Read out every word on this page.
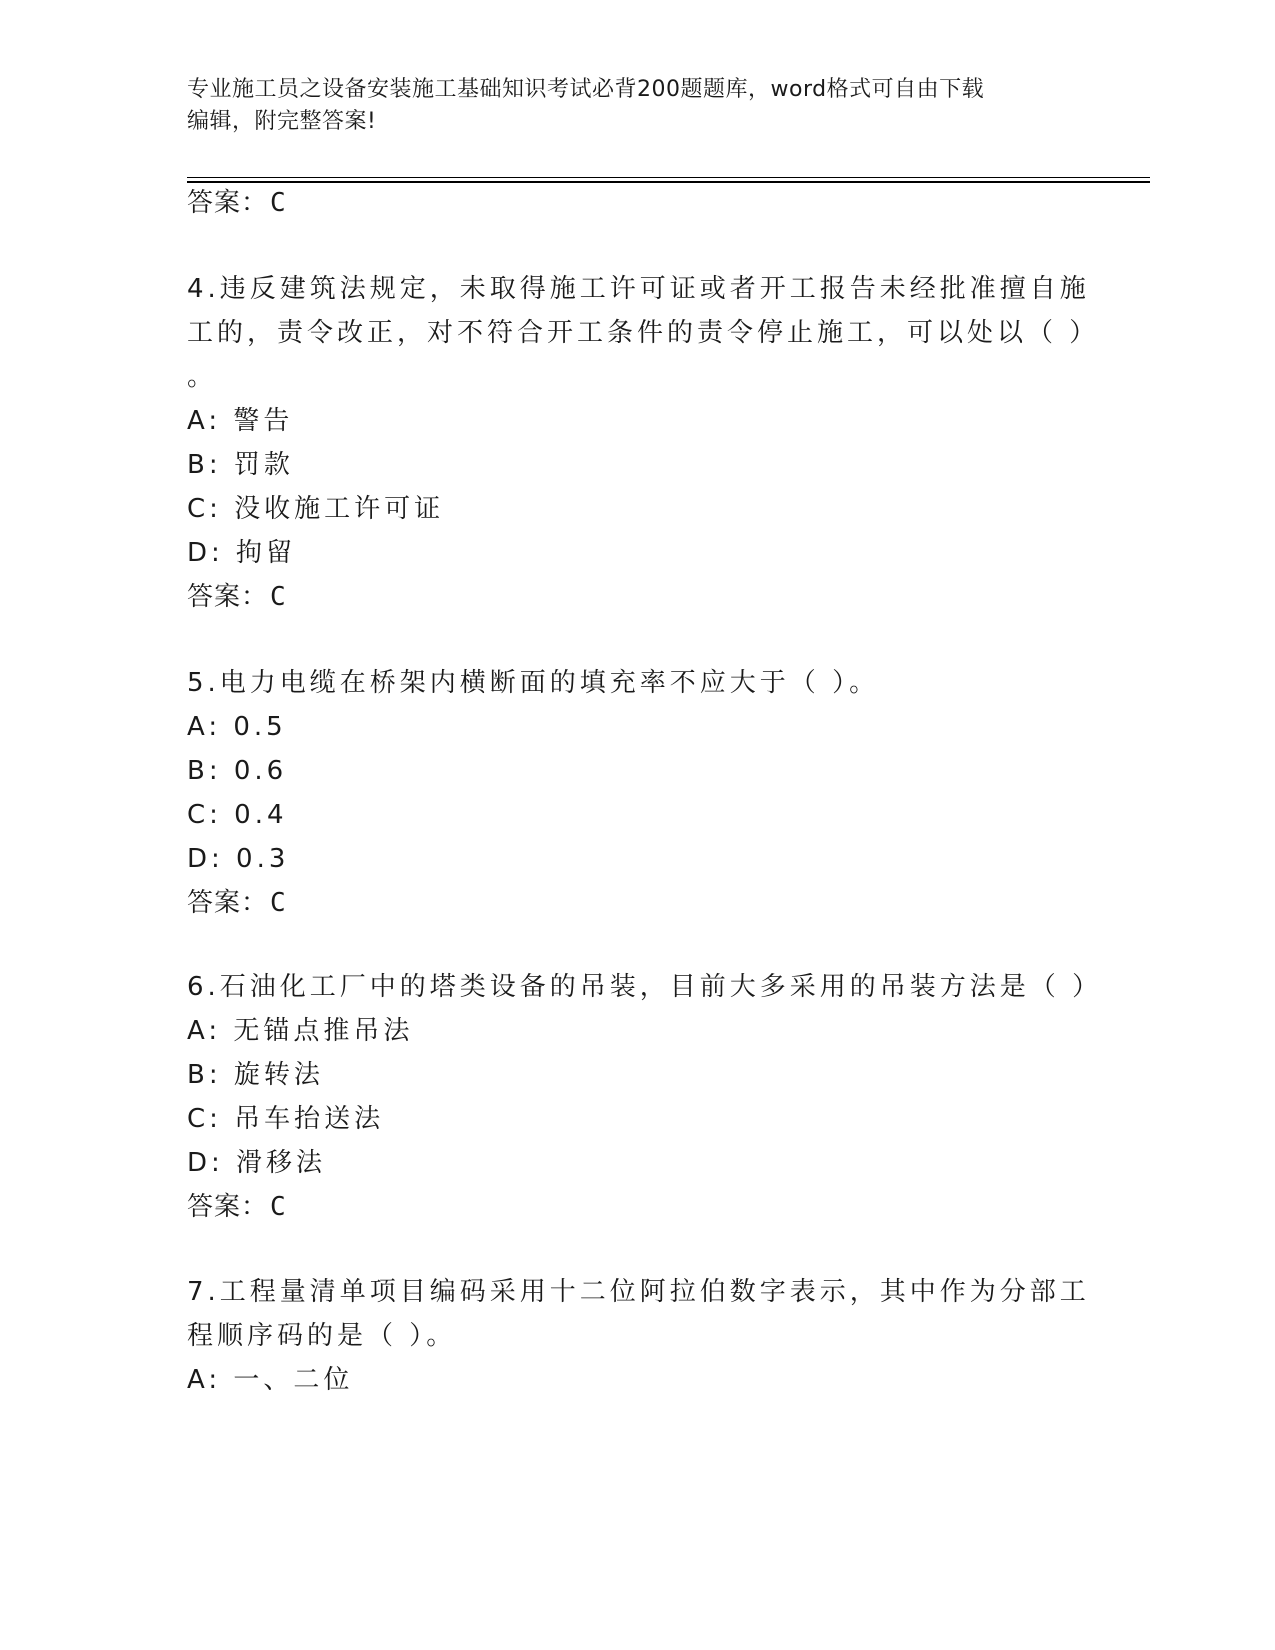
专业施工员之设备安装施工基础知识考试必背200题题库，word格式可自由下载
编辑，附完整答案!
答案：C
4.违反建筑法规定，未取得施工许可证或者开工报告未经批准擅自施
工的，责令改正，对不符合开工条件的责令停止施工，可以处以（ ）
。
A: 警告
B: 罚款
C: 没收施工许可证
D: 拘留
答案：C
5.电力电缆在桥架内横断面的填充率不应大于（ ）。
A: 0.5
B: 0.6
C: 0.4
D: 0.3
答案：C
6.石油化工厂中的塔类设备的吊装，目前大多采用的吊装方法是（ ）
A: 无锚点推吊法
B: 旋转法
C: 吊车抬送法
D: 滑移法
答案：C
7.工程量清单项目编码采用十二位阿拉伯数字表示，其中作为分部工
程顺序码的是（ ）。
A: 一、二位
